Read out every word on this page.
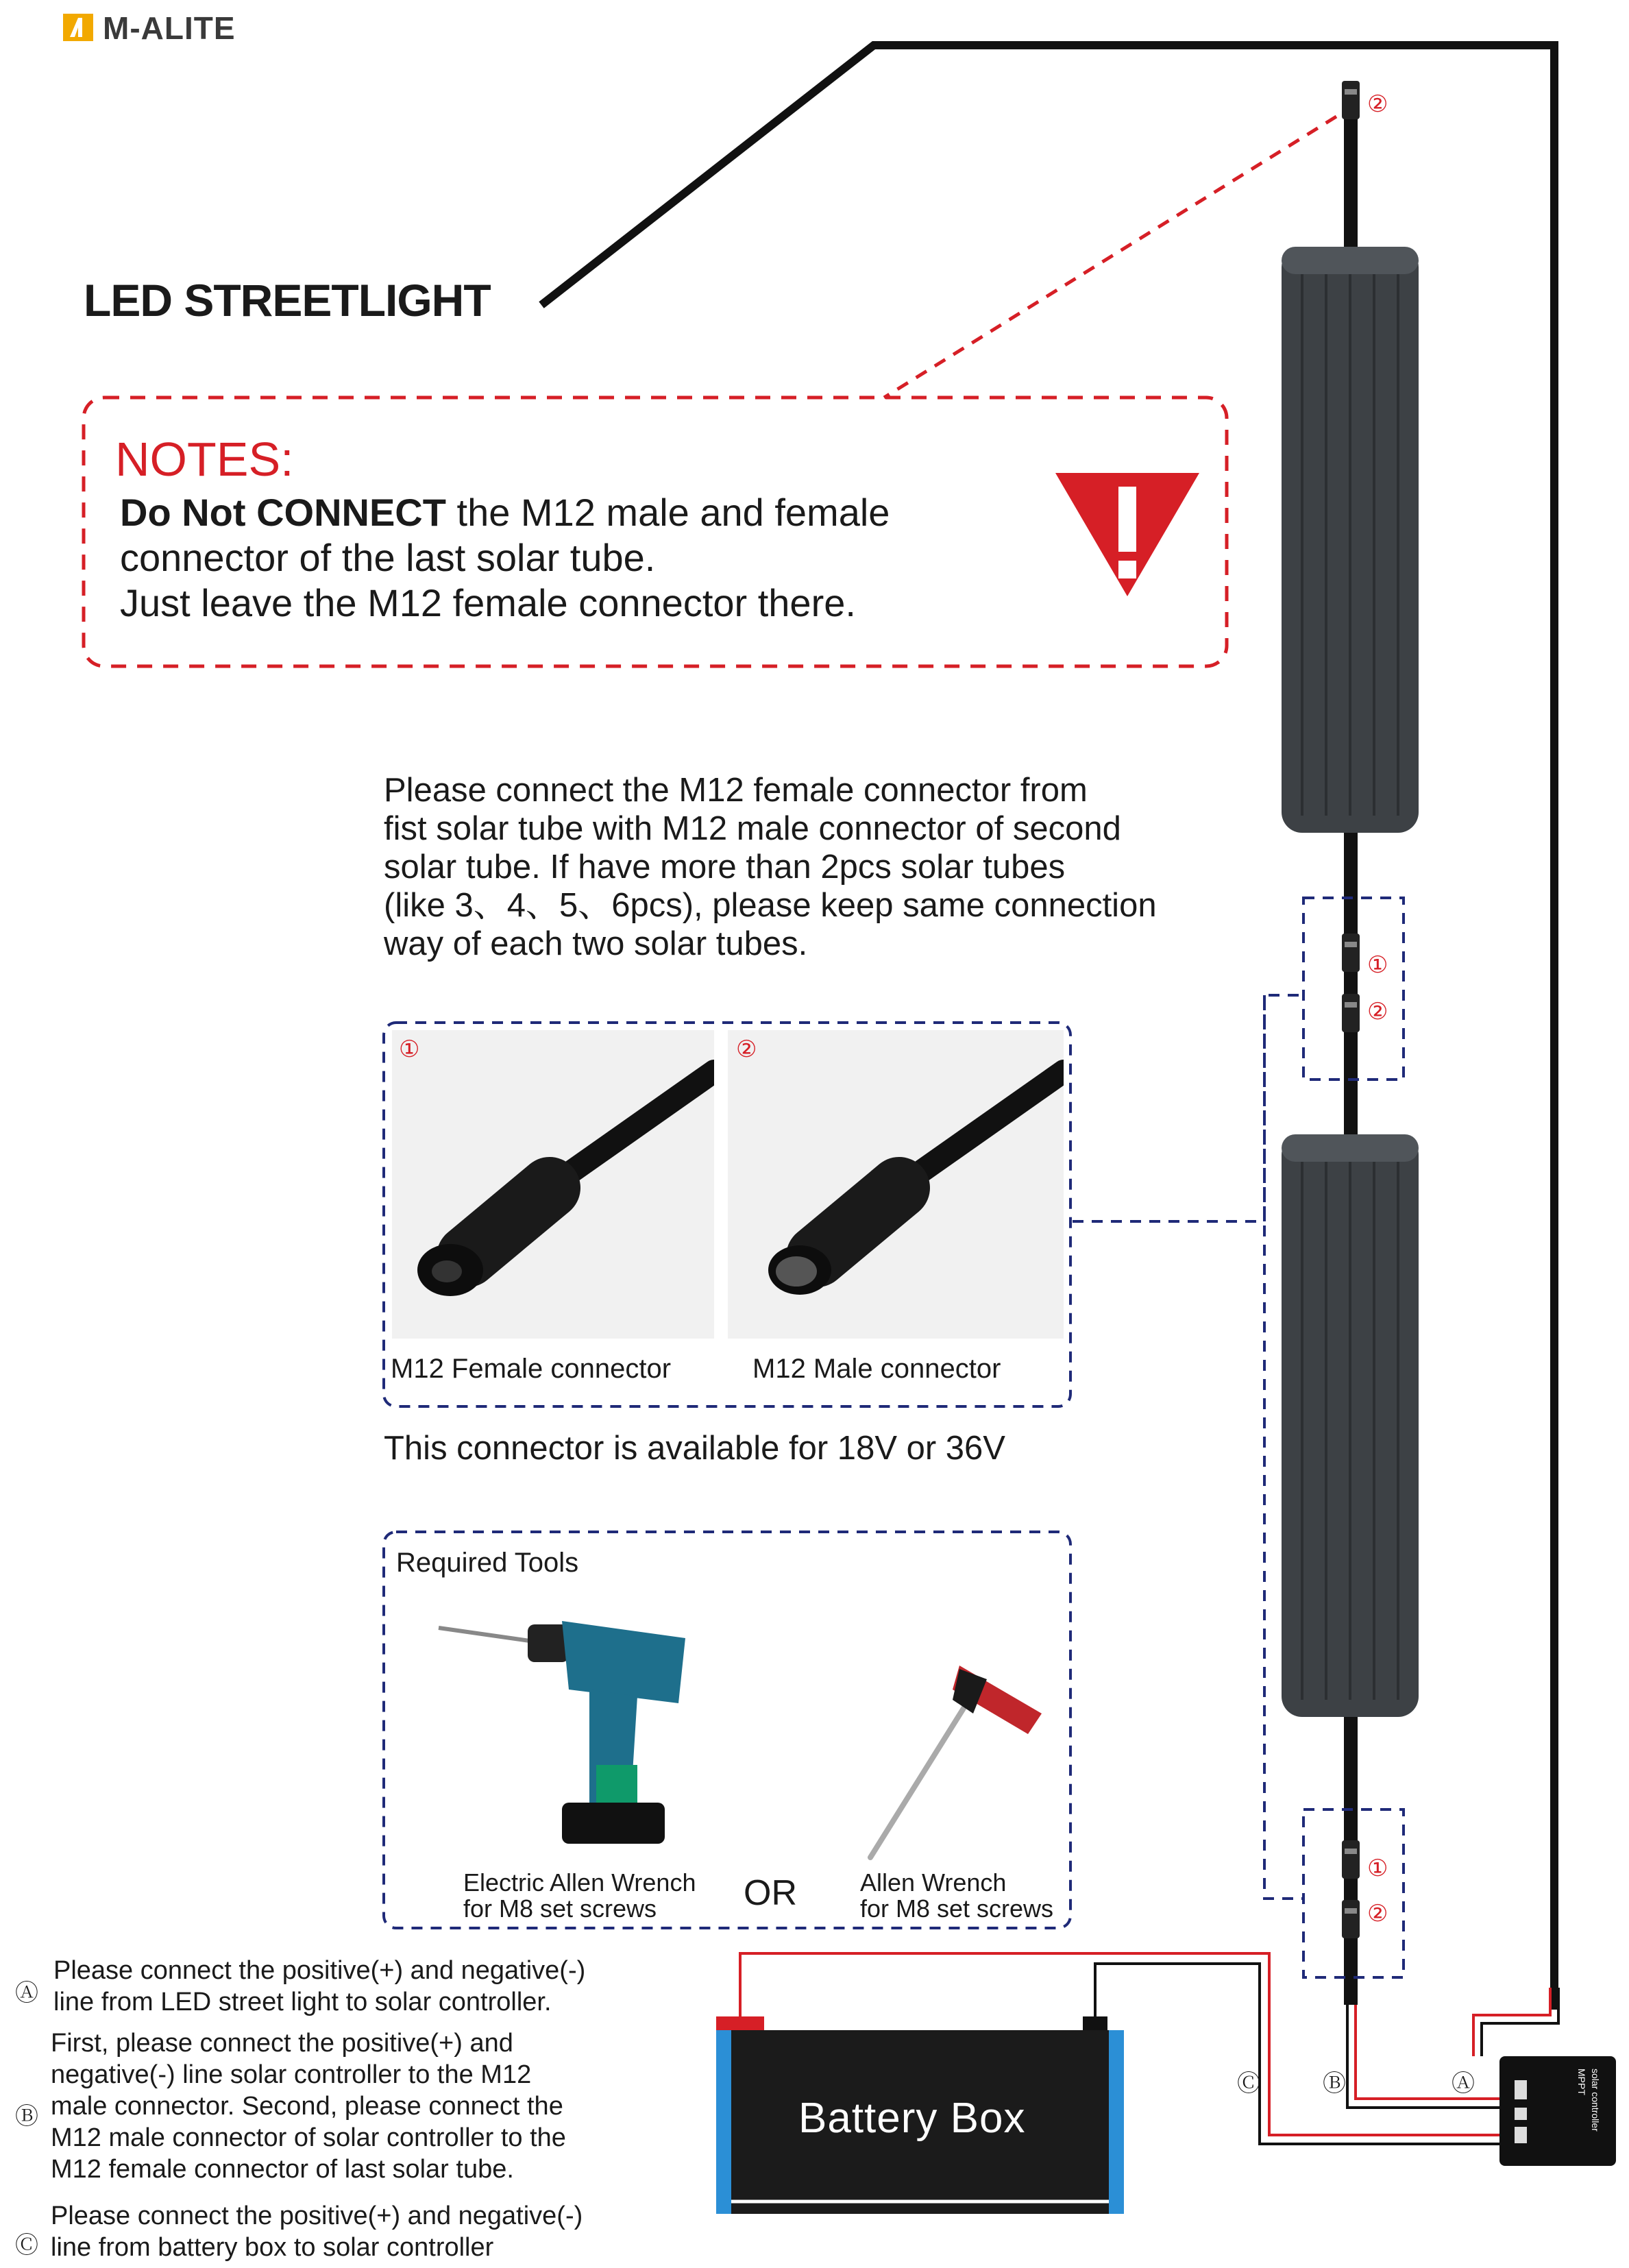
M-ALITE
LED STREETLIGHT
NOTES:
Do Not CONNECT the M12 male and female
connector of the last solar tube.
Just leave the M12 female connector there.
②
Please connect the M12 female connector from
fist solar tube with M12 male connector of second
solar tube. If have more than 2pcs solar tubes
(like 3、4、5、6pcs), please keep same connection
way of each two solar tubes.
①
②
①
②
①	②
M12 Female connector	M12 Male connector
This connector is available for 18V or 36V
Required Tools
Electric Allen Wrench
for M8 set screws	OR	Allen Wrench
for M8 set screws
Battery Box	solar controller
MPPT
Ⓒ	Ⓑ	Ⓐ
Ⓐ
Please connect the positive(+) and negative(-)
line from LED street light to solar controller.
Ⓑ
First, please connect the positive(+) and
negative(-) line solar controller to the M12
male connector. Second, please connect the
M12 male connector of solar controller to the
M12 female connector of last solar tube.
Ⓒ
Please connect the positive(+) and negative(-)
line from battery box to solar controller
